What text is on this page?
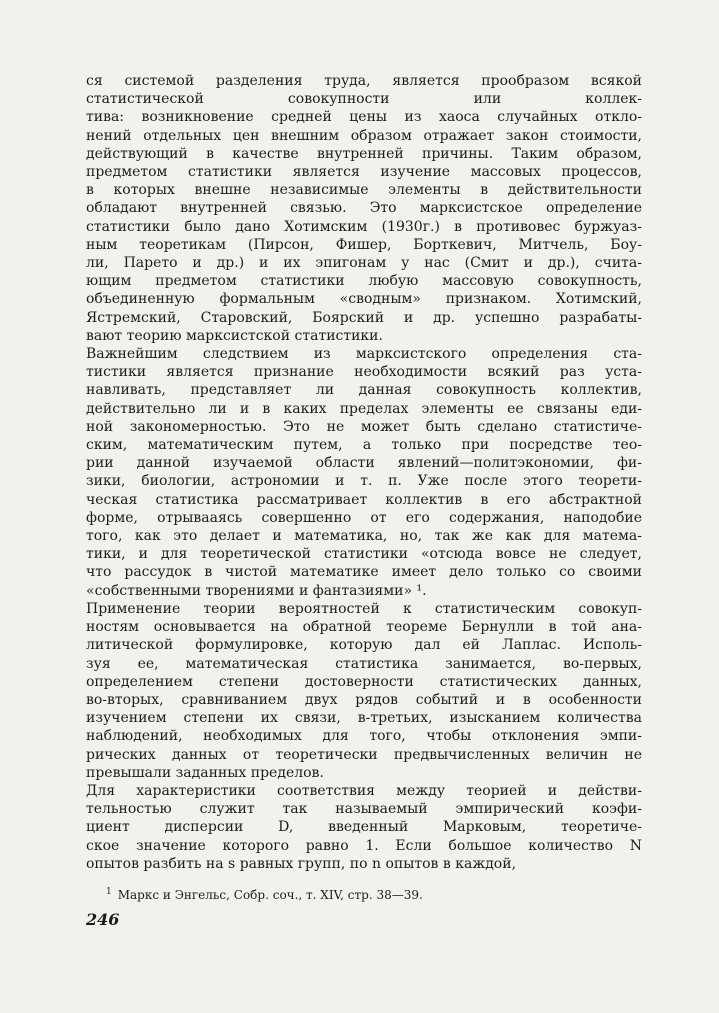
ся системой разделения труда, является прообразом всякой
статистической совокупности или коллек-
тива: возникновение средней цены из хаоса случайных откло-
нений отдельных цен внешним образом отражает закон стоимости,
действующий в качестве внутренней причины. Таким образом,
предметом статистики является изучение массовых процессов,
в которых внешне независимые элементы в действительности
обладают внутренней связью. Это марксистское определение
статистики было дано Хотимским (1930г.) в противовес буржуаз-
ным теоретикам (Пирсон, Фишер, Борткевич, Митчель, Боу-
ли, Парето и др.) и их эпигонам у нас (Смит и др.), счита-
ющим предметом статистики любую массовую совокупность,
объединенную формальным «сводным» признаком. Хотимский,
Ястремский, Старовский, Боярский и др. успешно разрабаты-
вают теорию марксистской статистики.

Важнейшим следствием из марксистского определения ста-
тистики является признание необходимости всякий раз уста-
навливать, представляет ли данная совокупность коллектив,
действительно ли и в каких пределах элементы ее связаны еди-
ной закономерностью. Это не может быть сделано статистиче-
ским, математическим путем, а только при посредстве тео-
рии данной изучаемой области явлений—политэкономии, фи-
зики, биологии, астрономии и т. п. Уже после этого теорети-
ческая статистика рассматривает коллектив в его абстрактной
форме, отрывааясь совершенно от его содержания, наподобие
того, как это делает и математика, но, так же как для матема-
тики, и для теоретической статистики «отсюда вовсе не следует,
что рассудок в чистой математике имеет дело только со своими
«собственными творениями и фантазиями» ¹.

Применение теории вероятностей к статистическим совокуп-
ностям основывается на обратной теореме Бернулли в той ана-
литической формулировке, которую дал ей Лаплас. Исполь-
зуя ее, математическая статистика занимается, во-первых,
определением степени достоверности статистических данных,
во-вторых, сравниванием двух рядов событий и в особенности
изучением степени их связи, в-третьих, изысканием количества
наблюдений, необходимых для того, чтобы отклонения эмпи-
рических данных от теоретически предвычисленных величин не
превышали заданных пределов.

Для характеристики соответствия между теорией и действи-
тельностью служит так называемый эмпирический коэфи-
циент дисперсии D, введенный Марковым, теоретиче-
ское значение которого равно 1. Если большое количество N
опытов разбить на s равных групп, по n опытов в каждой,

$^1$ Маркс и Энгельс, Собр. соч., т. XIV, стр. 38—39.
246
